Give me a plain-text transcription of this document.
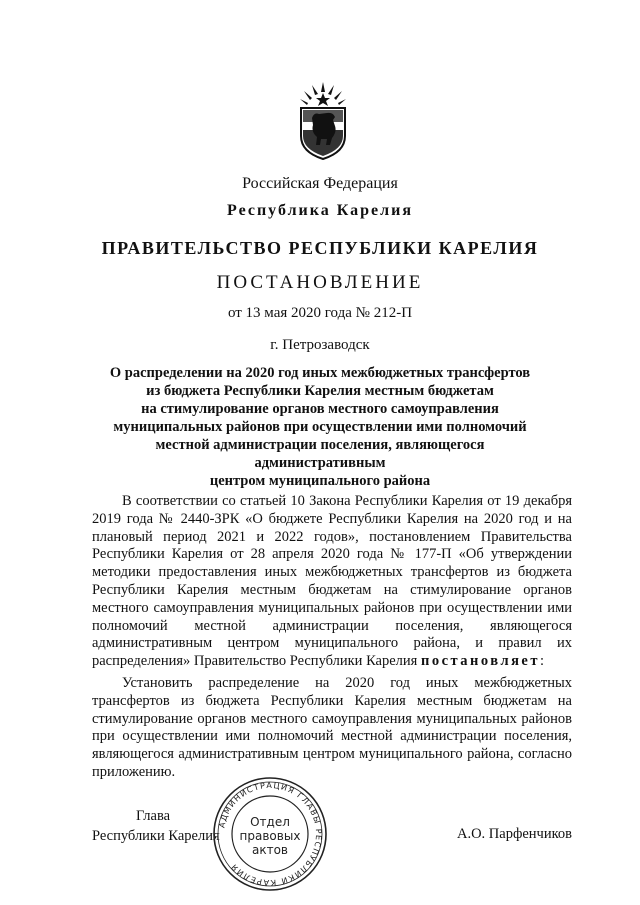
Российская Федерация
Республика Карелия
ПРАВИТЕЛЬСТВО РЕСПУБЛИКИ КАРЕЛИЯ
ПОСТАНОВЛЕНИЕ
от 13 мая 2020 года № 212-П
г. Петрозаводск
О распределении на 2020 год иных межбюджетных трансфертов
из бюджета Республики Карелия местным бюджетам
на стимулирование органов местного самоуправления
муниципальных районов при осуществлении ими полномочий
местной администрации поселения, являющегося административным
центром муниципального района
В соответствии со статьей 10 Закона Республики Карелия от 19 декабря 2019 года № 2440-ЗРК «О бюджете Республики Карелия на 2020 год и на плановый период 2021 и 2022 годов», постановлением Правительства Республики Карелия от 28 апреля 2020 года № 177-П «Об утверждении методики предоставления иных межбюджетных трансфертов из бюджета Республики Карелия местным бюджетам на стимулирование органов местного самоуправления муниципальных районов при осуществлении ими полномочий местной администрации поселения, являющегося административным центром муниципального района, и правил их распределения» Правительство Республики Карелия постановляет:
Установить распределение на 2020 год иных межбюджетных трансфертов из бюджета Республики Карелия местным бюджетам на стимулирование органов местного самоуправления муниципальных районов при осуществлении ими полномочий местной администрации поселения, являющегося административным центром муниципального района, согласно приложению.
Глава
Республики Карелия	А.О. Парфенчиков
АДМИНИСТРАЦИЯ ГЛАВЫ РЕСПУБЛИКИ КАРЕЛИЯ
Отдел
правовых
актов
